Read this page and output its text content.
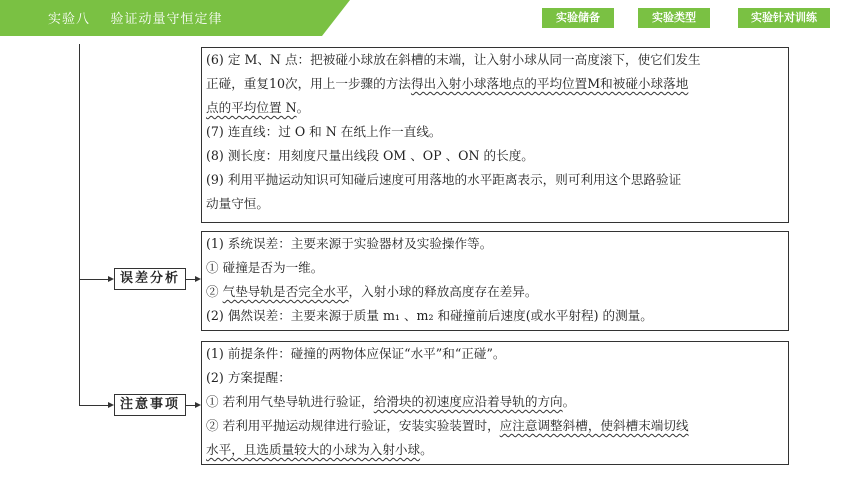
实验八    验证动量守恒定律	实验储备	实验类型	实验针对训练
(6) 定 M、N 点：把被碰小球放在斜槽的末端，让入射小球从同一高度滚下，使它们发生
正碰，重复10次，用上一步骤的方法得出入射小球落地点的平均位置M和被碰小球落地
点的平均位置 N。
(7) 连直线：过 O 和 N 在纸上作一直线。
(8) 测长度：用刻度尺量出线段 OM 、OP 、ON 的长度。
(9) 利用平抛运动知识可知碰后速度可用落地的水平距离表示，则可利用这个思路验证
动量守恒。
误差分析
(1) 系统误差：主要来源于实验器材及实验操作等。
① 碰撞是否为一维。
② 气垫导轨是否完全水平，入射小球的释放高度存在差异。
(2) 偶然误差：主要来源于质量 m₁ 、m₂ 和碰撞前后速度(或水平射程) 的测量。
注意事项
(1) 前提条件：碰撞的两物体应保证“水平”和“正碰”。
(2) 方案提醒：
① 若利用气垫导轨进行验证，给滑块的初速度应沿着导轨的方向。
② 若利用平抛运动规律进行验证，安装实验装置时，应注意调整斜槽，使斜槽末端切线
水平，且选质量较大的小球为入射小球。
